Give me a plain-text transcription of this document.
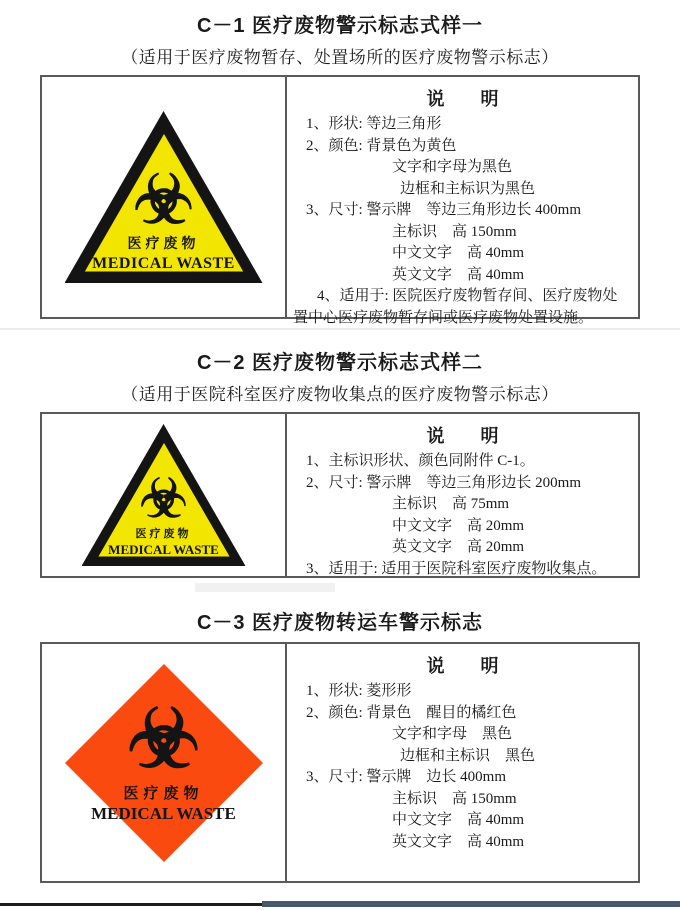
C－1 医疗废物警示标志式样一

（适用于医疗废物暂存、处置场所的医疗废物警示标志）

☣
医疗废物
MEDICAL WASTE
说　　明

1、形状: 等边三角形

2、颜色: 背景色为黄色

文字和字母为黑色

边框和主标识为黑色

3、尺寸: 警示牌　等边三角形边长 400mm

主标识　高 150mm

中文文字　高 40mm

英文文字　高 40mm

4、适用于: 医院医疗废物暂存间、医疗废物处置中心医疗废物暂存间或医疗废物处置设施。

C－2 医疗废物警示标志式样二

（适用于医院科室医疗废物收集点的医疗废物警示标志）

☣
医疗废物
MEDICAL WASTE
说　　明

1、主标识形状、颜色同附件 C-1。

2、尺寸: 警示牌　等边三角形边长 200mm

主标识　高 75mm

中文文字　高 20mm

英文文字　高 20mm

3、适用于: 适用于医院科室医疗废物收集点。

C－3 医疗废物转运车警示标志
☣
医疗废物
MEDICAL WASTE
说　　明

1、形状: 菱形形

2、颜色: 背景色　醒目的橘红色

文字和字母　黑色

边框和主标识　黑色

3、尺寸: 警示牌　边长 400mm

主标识　高 150mm

中文文字　高 40mm

英文文字　高 40mm
